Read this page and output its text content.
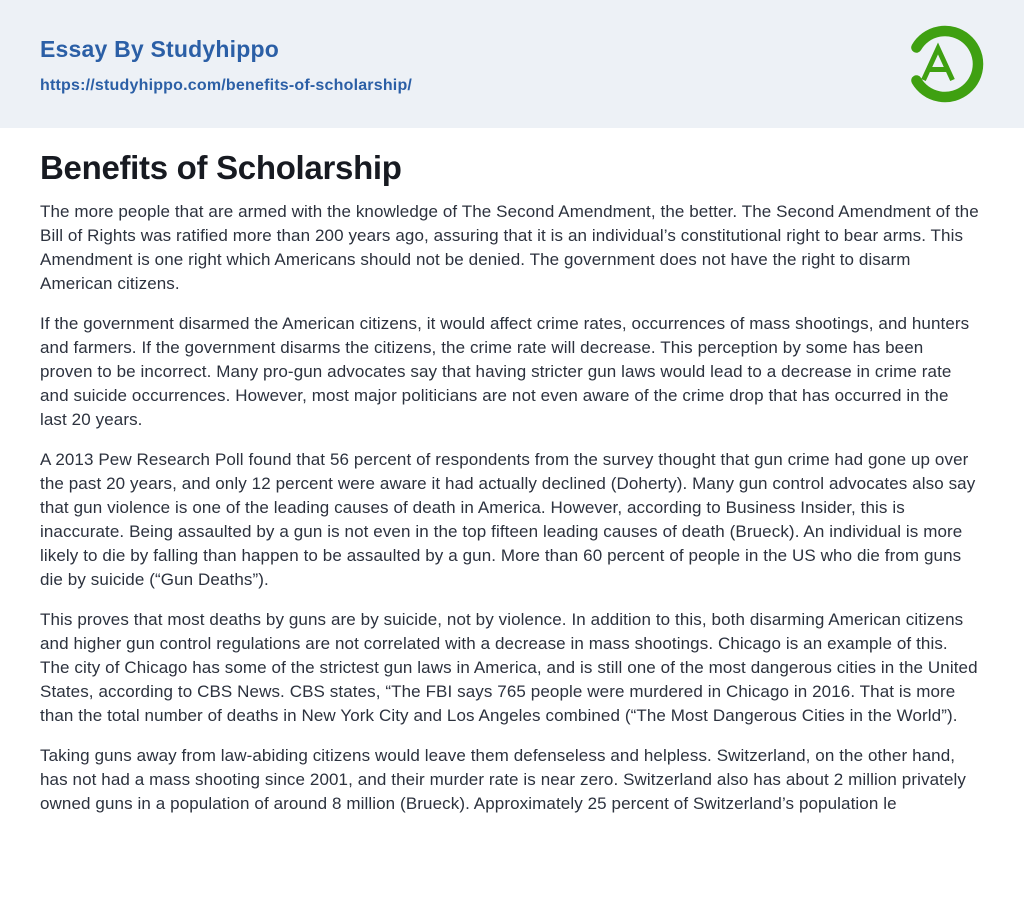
Essay By Studyhippo
https://studyhippo.com/benefits-of-scholarship/
Benefits of Scholarship

The more people that are armed with the knowledge of The Second Amendment, the better. The Second Amendment of the Bill of Rights was ratified more than 200 years ago, assuring that it is an individual’s constitutional right to bear arms. This Amendment is one right which Americans should not be denied. The government does not have the right to disarm American citizens.

If the government disarmed the American citizens, it would affect crime rates, occurrences of mass shootings, and hunters and farmers. If the government disarms the citizens, the crime rate will decrease. This perception by some has been proven to be incorrect. Many pro-gun advocates say that having stricter gun laws would lead to a decrease in crime rate and suicide occurrences. However, most major politicians are not even aware of the crime drop that has occurred in the last 20 years.

A 2013 Pew Research Poll found that 56 percent of respondents from the survey thought that gun crime had gone up over the past 20 years, and only 12 percent were aware it had actually declined (Doherty). Many gun control advocates also say that gun violence is one of the leading causes of death in America. However, according to Business Insider, this is inaccurate. Being assaulted by a gun is not even in the top fifteen leading causes of death (Brueck). An individual is more likely to die by falling than happen to be assaulted by a gun. More than 60 percent of people in the US who die from guns die by suicide (“Gun Deaths”).

This proves that most deaths by guns are by suicide, not by violence. In addition to this, both disarming American citizens and higher gun control regulations are not correlated with a decrease in mass shootings. Chicago is an example of this. The city of Chicago has some of the strictest gun laws in America, and is still one of the most dangerous cities in the United States, according to CBS News. CBS states, “The FBI says 765 people were murdered in Chicago in 2016. That is more than the total number of deaths in New York City and Los Angeles combined (“The Most Dangerous Cities in the World”).

Taking guns away from law-abiding citizens would leave them defenseless and helpless. Switzerland, on the other hand, has not had a mass shooting since 2001, and their murder rate is near zero. Switzerland also has about 2 million privately owned guns in a population of around 8 million (Brueck). Approximately 25 percent of Switzerland’s population le
